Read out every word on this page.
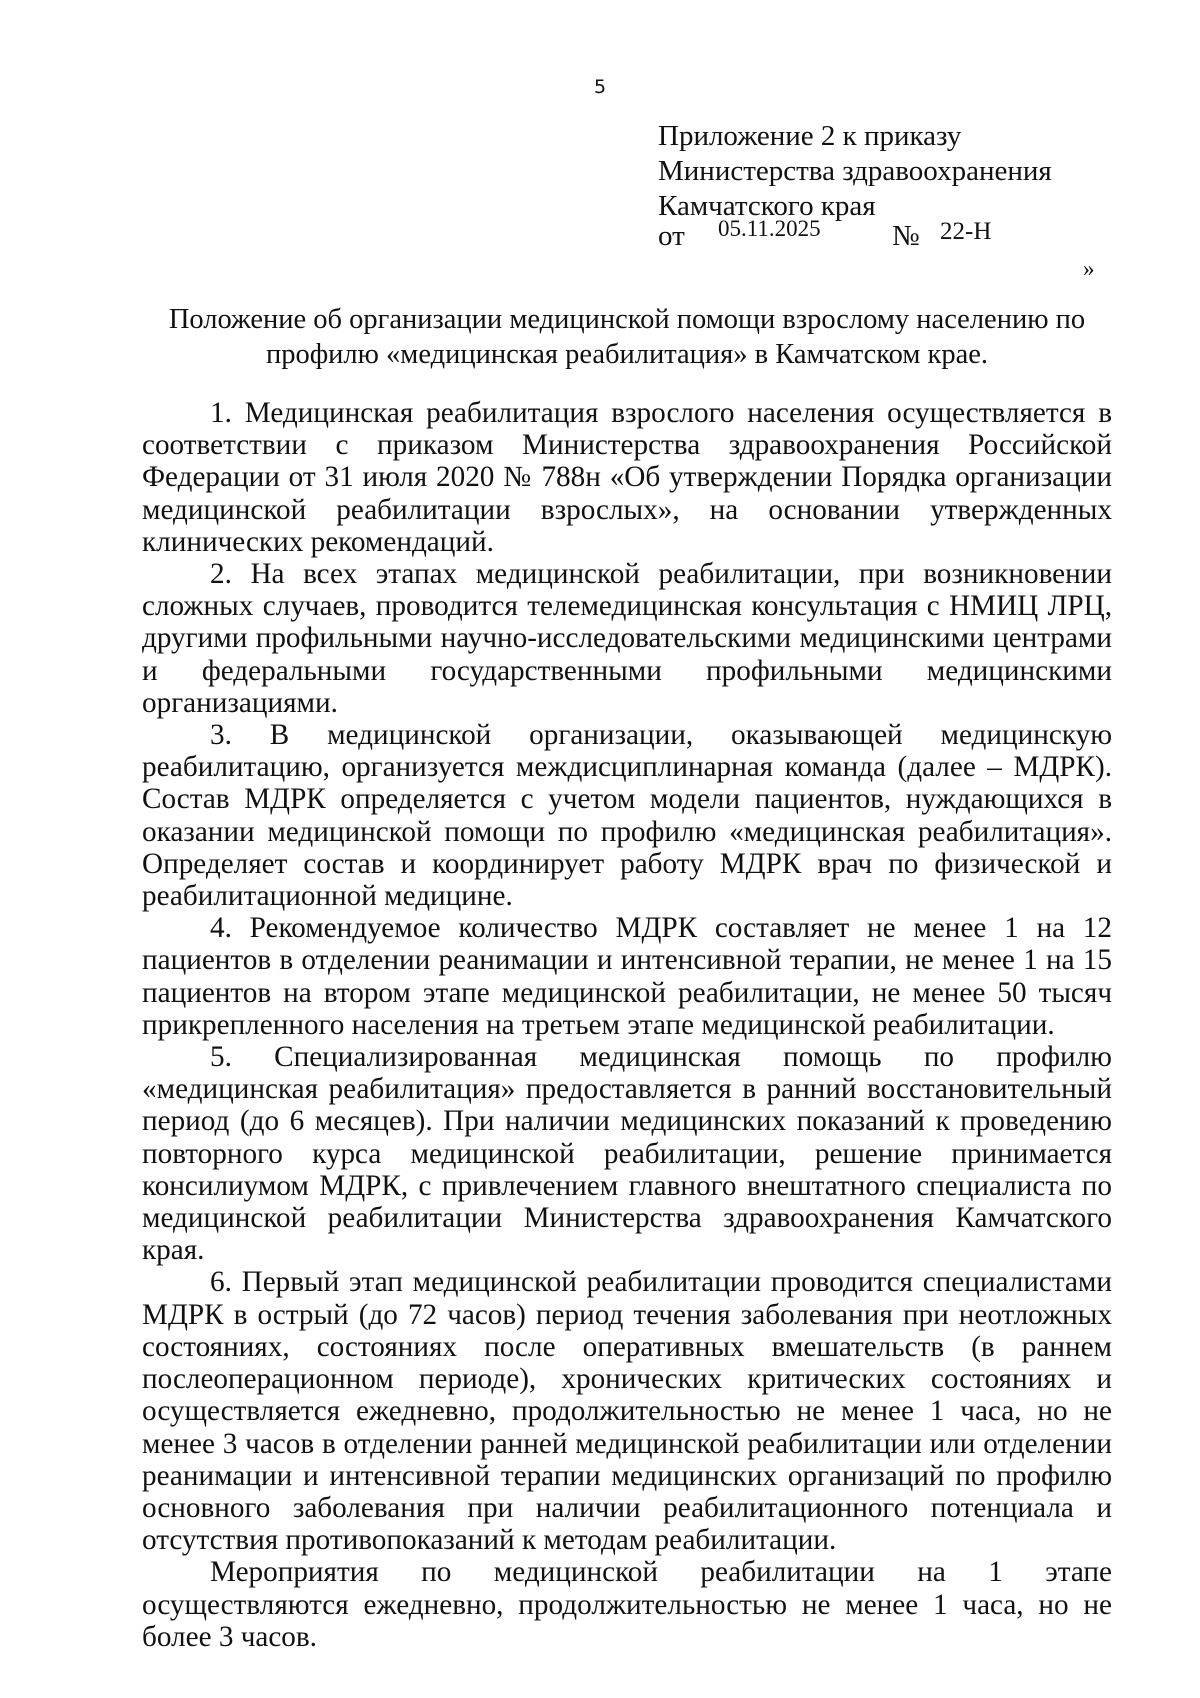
5
Приложение 2 к приказу
Министерства здравоохранения
Камчатского края
от 05.11.2025 № 22-Н
»
Положение об организации медицинской помощи взрослому населению по профилю «медицинская реабилитация» в Камчатском крае.

1. Медицинская реабилитация взрослого населения осуществляется в соответствии с приказом Министерства здравоохранения Российской Федерации от 31 июля 2020 № 788н «Об утверждении Порядка организации медицинской реабилитации взрослых», на основании утвержденных клинических рекомендаций.

2. На всех этапах медицинской реабилитации, при возникновении сложных случаев, проводится телемедицинская консультация с НМИЦ ЛРЦ, другими профильными научно-исследовательскими медицинскими центрами и федеральными государственными профильными медицинскими организациями.

3. В медицинской организации, оказывающей медицинскую реабилитацию, организуется междисциплинарная команда (далее – МДРК). Состав МДРК определяется с учетом модели пациентов, нуждающихся в оказании медицинской помощи по профилю «медицинская реабилитация». Определяет состав и координирует работу МДРК врач по физической и реабилитационной медицине.

4. Рекомендуемое количество МДРК составляет не менее 1 на 12 пациентов в отделении реанимации и интенсивной терапии, не менее 1 на 15 пациентов на втором этапе медицинской реабилитации, не менее 50 тысяч прикрепленного населения на третьем этапе медицинской реабилитации.

5. Специализированная медицинская помощь по профилю «медицинская реабилитация» предоставляется в ранний восстановительный период (до 6 месяцев). При наличии медицинских показаний к проведению повторного курса медицинской реабилитации, решение принимается консилиумом МДРК, с привлечением главного внештатного специалиста по медицинской реабилитации Министерства здравоохранения Камчатского края.

6. Первый этап медицинской реабилитации проводится специалистами МДРК в острый (до 72 часов) период течения заболевания при неотложных состояниях, состояниях после оперативных вмешательств (в раннем послеоперационном периоде), хронических критических состояниях и осуществляется ежедневно, продолжительностью не менее 1 часа, но не менее 3 часов в отделении ранней медицинской реабилитации или отделении реанимации и интенсивной терапии медицинских организаций по профилю основного заболевания при наличии реабилитационного потенциала и отсутствия противопоказаний к методам реабилитации.

Мероприятия по медицинской реабилитации на 1 этапе осуществляются ежедневно, продолжительностью не менее 1 часа, но не более 3 часов.
